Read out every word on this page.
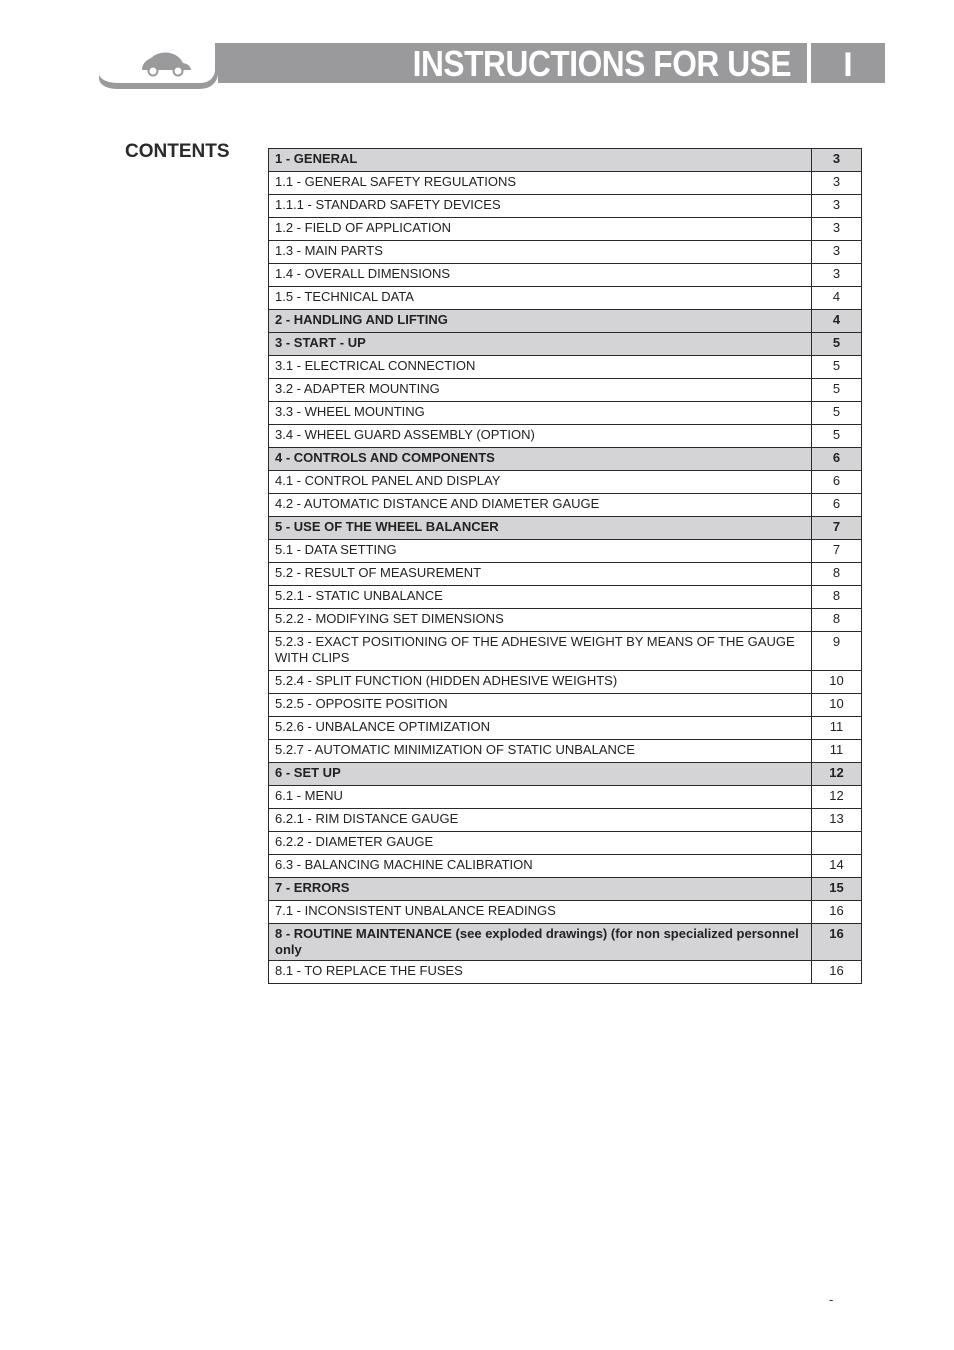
INSTRUCTIONS FOR USE	I
CONTENTS	1 - GENERAL	3
1.1 - GENERAL SAFETY REGULATIONS	3
1.1.1 - STANDARD SAFETY DEVICES	3
1.2 - FIELD OF APPLICATION	3
1.3 - MAIN PARTS	3
1.4 - OVERALL DIMENSIONS	3
1.5 - TECHNICAL DATA	4
2 - HANDLING AND LIFTING	4
3 - START - UP	5
3.1 - ELECTRICAL CONNECTION	5
3.2 - ADAPTER MOUNTING	5
3.3 - WHEEL MOUNTING	5
3.4 - WHEEL GUARD ASSEMBLY (OPTION)	5
4 - CONTROLS AND COMPONENTS	6
4.1 - CONTROL PANEL AND DISPLAY	6
4.2 - AUTOMATIC DISTANCE AND DIAMETER GAUGE	6
5 - USE OF THE WHEEL BALANCER	7
5.1 - DATA SETTING	7
5.2 - RESULT OF MEASUREMENT	8
5.2.1 - STATIC UNBALANCE	8
5.2.2 - MODIFYING SET DIMENSIONS	8
5.2.3 - EXACT POSITIONING OF THE ADHESIVE WEIGHT BY MEANS OF THE GAUGE WITH CLIPS	9
5.2.4 - SPLIT FUNCTION (HIDDEN ADHESIVE WEIGHTS)	10
5.2.5 - OPPOSITE POSITION	10
5.2.6 - UNBALANCE OPTIMIZATION	11
5.2.7 - AUTOMATIC MINIMIZATION OF STATIC UNBALANCE	11
6 - SET UP	12
6.1 - MENU	12
6.2.1 - RIM DISTANCE GAUGE	13
6.2.2 - DIAMETER GAUGE	
6.3 - BALANCING MACHINE CALIBRATION	14
7 - ERRORS	15
7.1 - INCONSISTENT UNBALANCE READINGS	16
8 - ROUTINE MAINTENANCE (see exploded drawings) (for non specialized personnel only	16
8.1 - TO REPLACE THE FUSES	16
-
